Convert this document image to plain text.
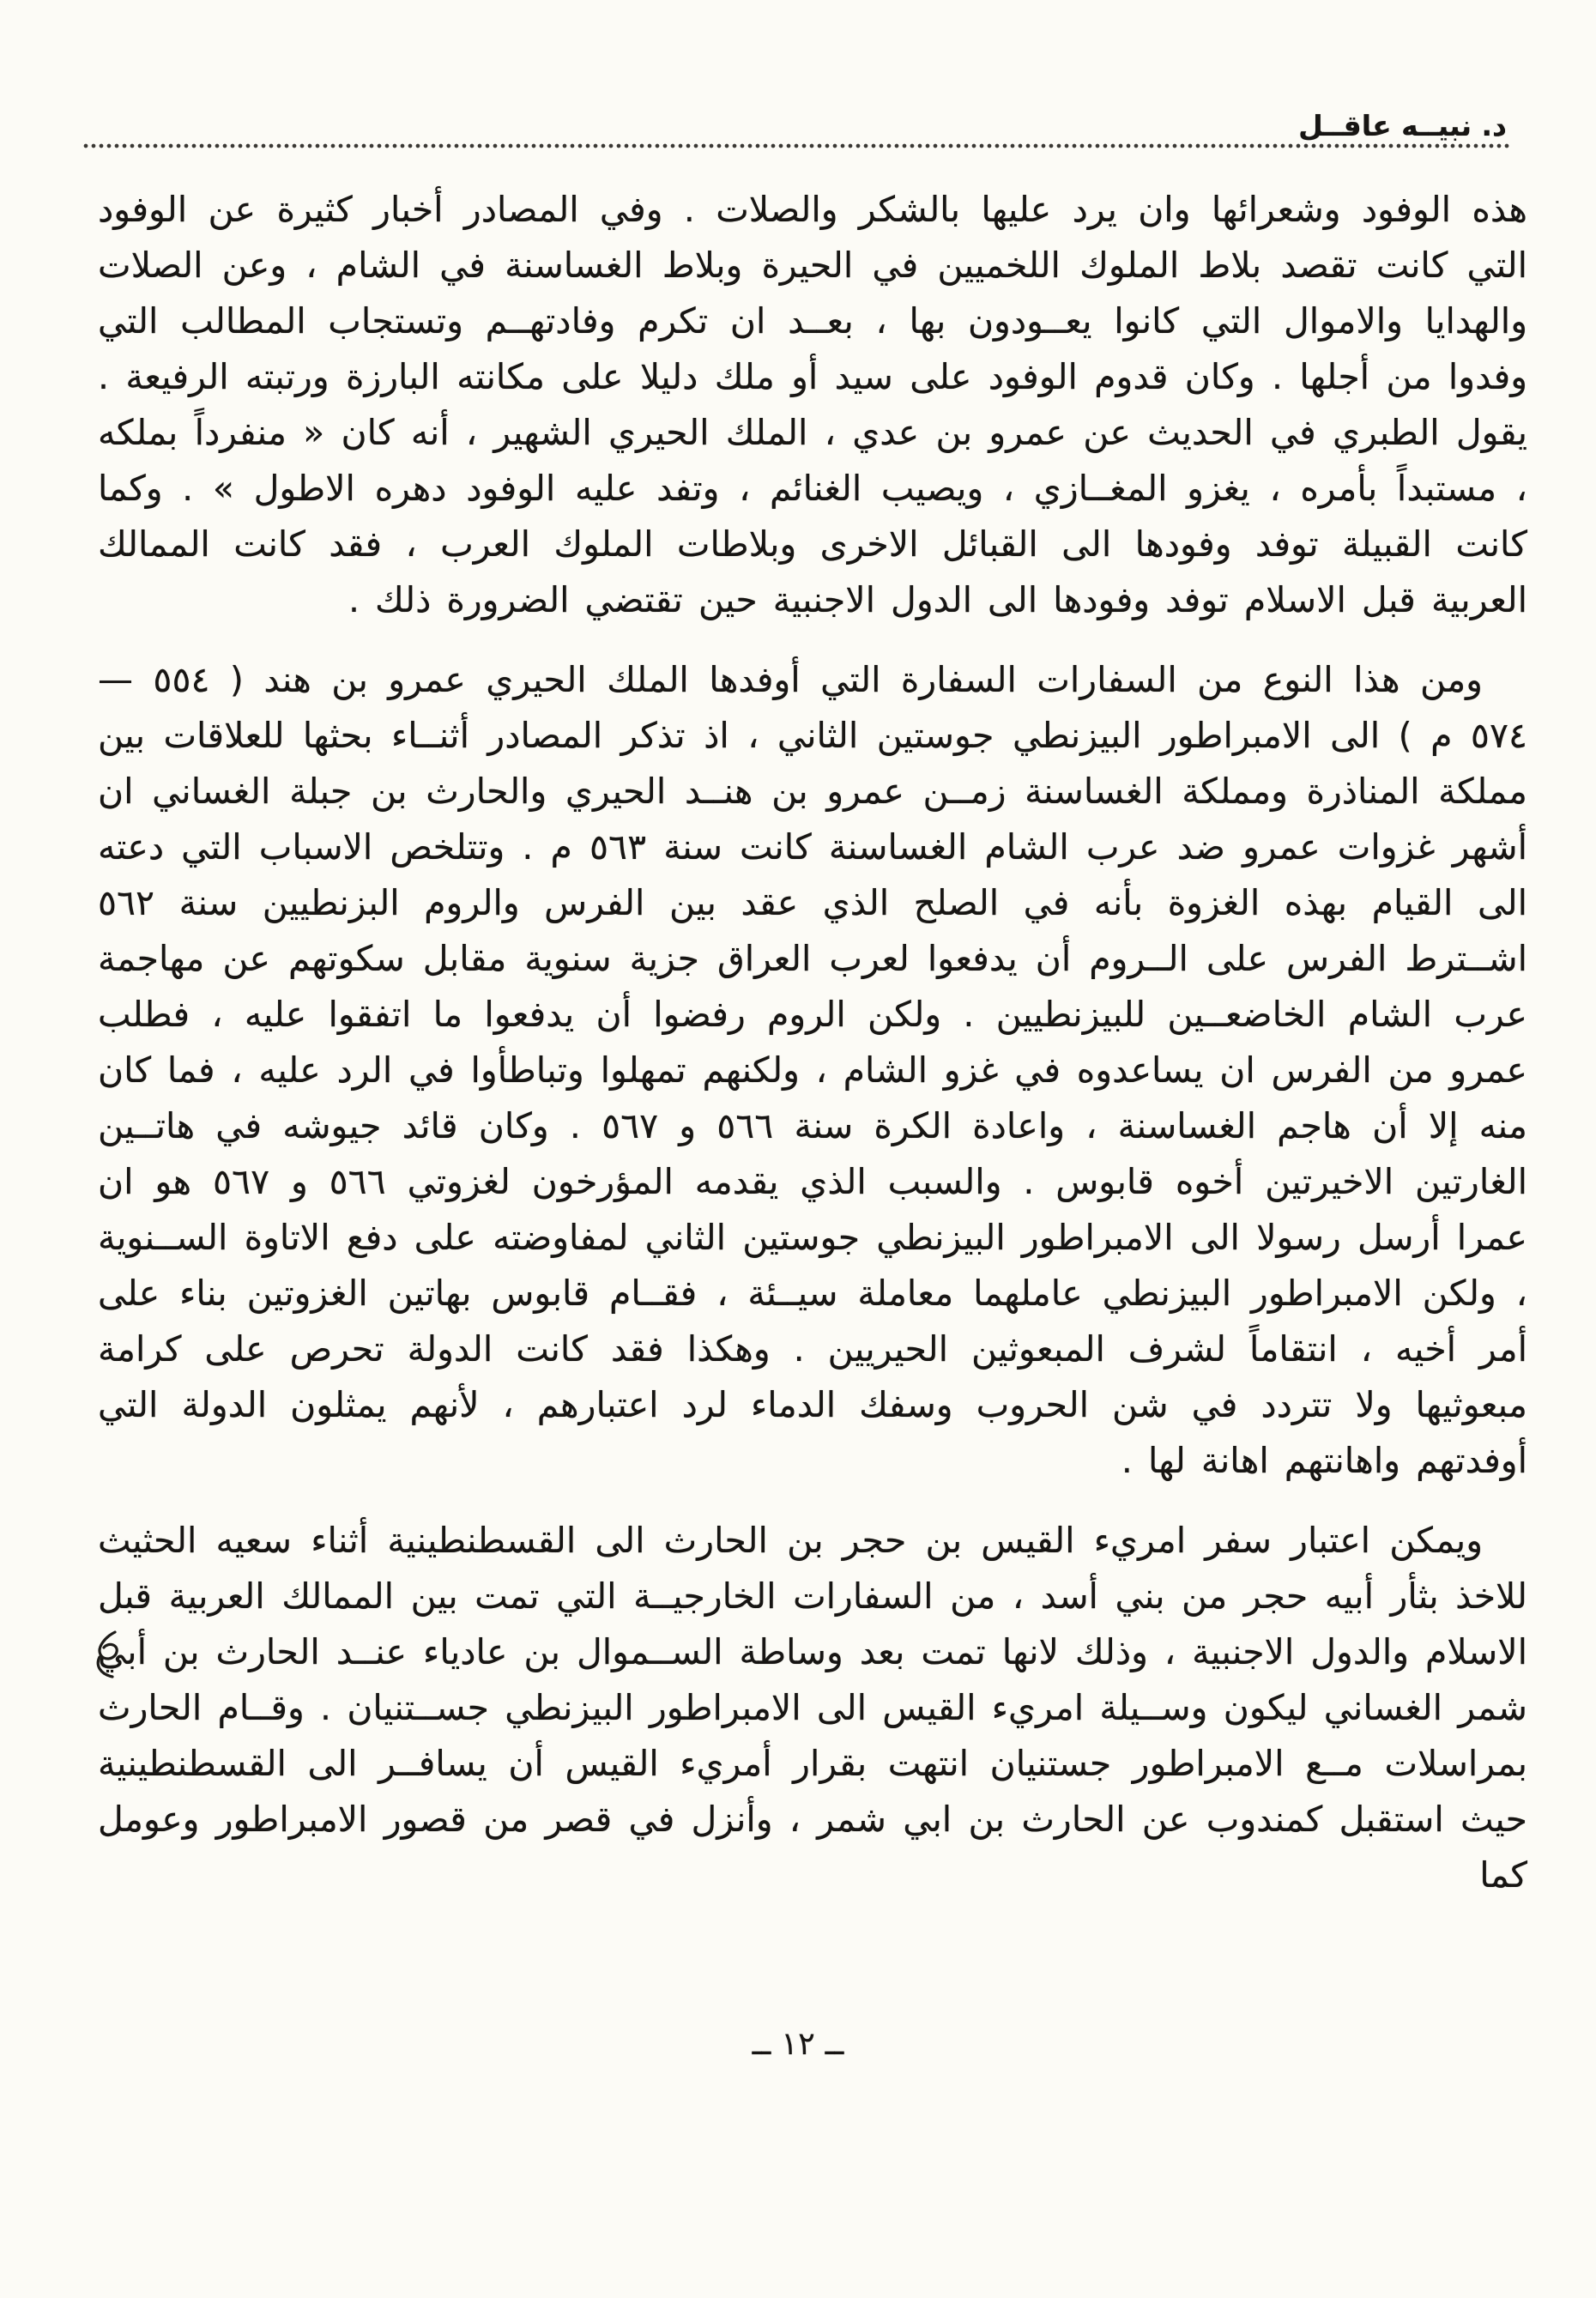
د. نبيــه عاقــل

هذه الوفود وشعرائها وان يرد عليها بالشكر والصلات . وفي المصادر أخبار كثيرة عن الوفود التي كانت تقصد بلاط الملوك اللخميين في الحيرة وبلاط الغساسنة في الشام ، وعن الصلات والهدايا والاموال التي كانوا يعــودون بها ، بعــد ان تكرم وفادتهــم وتستجاب المطالب التي وفدوا من أجلها . وكان قدوم الوفود على سيد أو ملك دليلا على مكانته البارزة ورتبته الرفيعة . يقول الطبري في الحديث عن عمرو بن عدي ، الملك الحيري الشهير ، أنه كان « منفرداً بملكه ، مستبداً بأمره ، يغزو المغــازي ، ويصيب الغنائم ، وتفد عليه الوفود دهره الاطول » . وكما كانت القبيلة توفد وفودها الى القبائل الاخرى وبلاطات الملوك العرب ، فقد كانت الممالك العربية قبل الاسلام توفد وفودها الى الدول الاجنبية حين تقتضي الضرورة ذلك .

ومن هذا النوع من السفارات السفارة التي أوفدها الملك الحيري عمرو بن هند ( ٥٥٤ — ٥٧٤ م ) الى الامبراطور البيزنطي جوستين الثاني ، اذ تذكر المصادر أثنــاء بحثها للعلاقات بين مملكة المناذرة ومملكة الغساسنة زمــن عمرو بن هنــد الحيري والحارث بن جبلة الغساني ان أشهر غزوات عمرو ضد عرب الشام الغساسنة كانت سنة ٥٦٣ م . وتتلخص الاسباب التي دعته الى القيام بهذه الغزوة بأنه في الصلح الذي عقد بين الفرس والروم البزنطيين سنة ٥٦٢ اشــترط الفرس على الــروم أن يدفعوا لعرب العراق جزية سنوية مقابل سكوتهم عن مهاجمة عرب الشام الخاضعــين للبيزنطيين . ولكن الروم رفضوا أن يدفعوا ما اتفقوا عليه ، فطلب عمرو من الفرس ان يساعدوه في غزو الشام ، ولكنهم تمهلوا وتباطأوا في الرد عليه ، فما كان منه إلا أن هاجم الغساسنة ، واعادة الكرة سنة ٥٦٦ و ٥٦٧ . وكان قائد جيوشه في هاتــين الغارتين الاخيرتين أخوه قابوس . والسبب الذي يقدمه المؤرخون لغزوتي ٥٦٦ و ٥٦٧ هو ان عمرا أرسل رسولا الى الامبراطور البيزنطي جوستين الثاني لمفاوضته على دفع الاتاوة الســنوية ، ولكن الامبراطور البيزنطي عاملهما معاملة سيــئة ، فقــام قابوس بهاتين الغزوتين بناء على أمر أخيه ، انتقاماً لشرف المبعوثين الحيريين . وهكذا فقد كانت الدولة تحرص على كرامة مبعوثيها ولا تتردد في شن الحروب وسفك الدماء لرد اعتبارهم ، لأنهم يمثلون الدولة التي أوفدتهم واهانتهم اهانة لها .

ويمكن اعتبار سفر امريء القيس بن حجر بن الحارث الى القسطنطينية أثناء سعيه الحثيث للاخذ بثأر أبيه حجر من بني أسد ، من السفارات الخارجيــة التي تمت بين الممالك العربية قبل الاسلام والدول الاجنبية ، وذلك لانها تمت بعد وساطة الســموال بن عادياء عنــد الحارث بن أبي شمر الغساني ليكون وســيلة امريء القيس الى الامبراطور البيزنطي جســتنيان . وقــام الحارث بمراسلات مــع الامبراطور جستنيان انتهت بقرار أمريء القيس أن يسافــر الى القسطنطينية حيث استقبل كمندوب عن الحارث بن ابي شمر ، وأنزل في قصر من قصور الامبراطور وعومل كما

ــ ١٢ ــ
